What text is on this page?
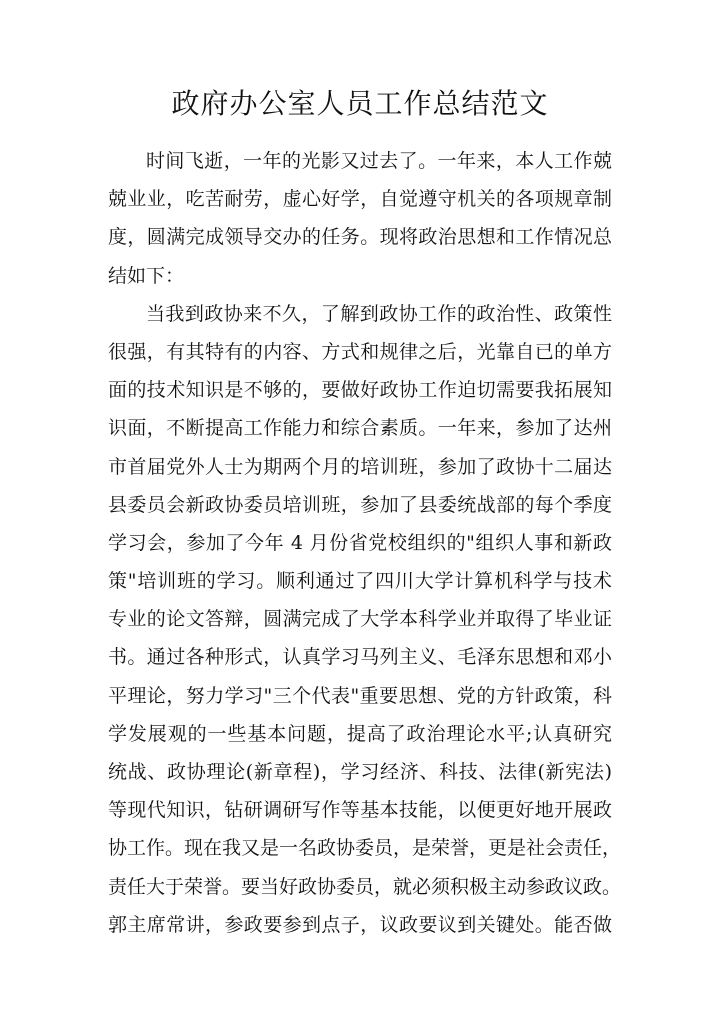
政府办公室人员工作总结范文
时间飞逝，一年的光影又过去了。一年来，本人工作兢
兢业业，吃苦耐劳，虚心好学，自觉遵守机关的各项规章制
度，圆满完成领导交办的任务。现将政治思想和工作情况总
结如下：
当我到政协来不久，了解到政协工作的政治性、政策性
很强，有其特有的内容、方式和规律之后，光靠自已的单方
面的技术知识是不够的，要做好政协工作迫切需要我拓展知
识面，不断提高工作能力和综合素质。一年来，参加了达州
市首届党外人士为期两个月的培训班，参加了政协十二届达
县委员会新政协委员培训班，参加了县委统战部的每个季度
学习会，参加了今年 4 月份省党校组织的"组织人事和新政
策"培训班的学习。顺利通过了四川大学计算机科学与技术
专业的论文答辩，圆满完成了大学本科学业并取得了毕业证
书。通过各种形式，认真学习马列主义、毛泽东思想和邓小
平理论，努力学习"三个代表"重要思想、党的方针政策，科
学发展观的一些基本问题，提高了政治理论水平;认真研究
统战、政协理论(新章程)，学习经济、科技、法律(新宪法)
等现代知识，钻研调研写作等基本技能，以便更好地开展政
协工作。现在我又是一名政协委员，是荣誉，更是社会责任，
责任大于荣誉。要当好政协委员，就必须积极主动参政议政。
郭主席常讲，参政要参到点子，议政要议到关键处。能否做
